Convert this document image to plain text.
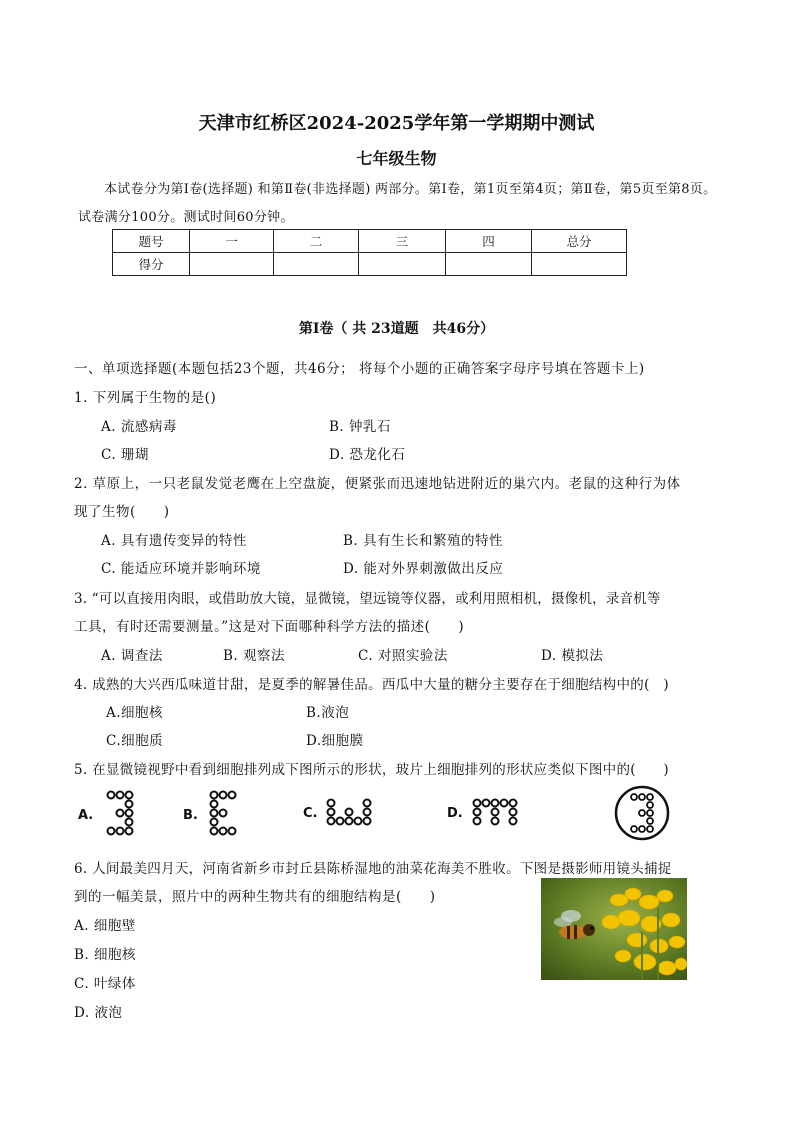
天津市红桥区2024-2025学年第一学期期中测试
七年级生物
本试卷分为第Ⅰ卷(选择题) 和第Ⅱ卷(非选择题) 两部分。第Ⅰ卷，第1页至第4页；第Ⅱ卷，第5页至第8页。试卷满分100分。测试时间60分钟。
题号	一	二	三	四	总分
得分					
第Ⅰ卷（ 共 23道题　共46分）
一、单项选择题(本题包括23个题，共46分； 将每个小题的正确答案字母序号填在答题卡上)
1. 下列属于生物的是()
A. 流感病毒	B. 钟乳石
C. 珊瑚	D. 恐龙化石
2. 草原上，一只老鼠发觉老鹰在上空盘旋，便紧张而迅速地钻进附近的巢穴内。老鼠的这种行为体
现了生物(　　)
A. 具有遗传变异的特性	B. 具有生长和繁殖的特性
C. 能适应环境并影响环境	D. 能对外界刺激做出反应
3. “可以直接用肉眼，或借助放大镜，显微镜，望远镜等仪器，或利用照相机，摄像机，录音机等
工具，有时还需要测量。”这是对下面哪种科学方法的描述(　　)
A. 调查法	B. 观察法	C. 对照实验法	D. 模拟法
4. 成熟的大兴西瓜味道甘甜，是夏季的解暑佳品。西瓜中大量的糖分主要存在于细胞结构中的(　)
A.细胞核	B.液泡
C.细胞质	D.细胞膜
5. 在显微镜视野中看到细胞排列成下图所示的形状，玻片上细胞排列的形状应类似下图中的(　　)
A.	B.	C.	D.
6. 人间最美四月天，河南省新乡市封丘县陈桥湿地的油菜花海美不胜收。下图是摄影师用镜头捕捉
到的一幅美景，照片中的两种生物共有的细胞结构是(　　)
A. 细胞壁
B. 细胞核
C. 叶绿体
D. 液泡
